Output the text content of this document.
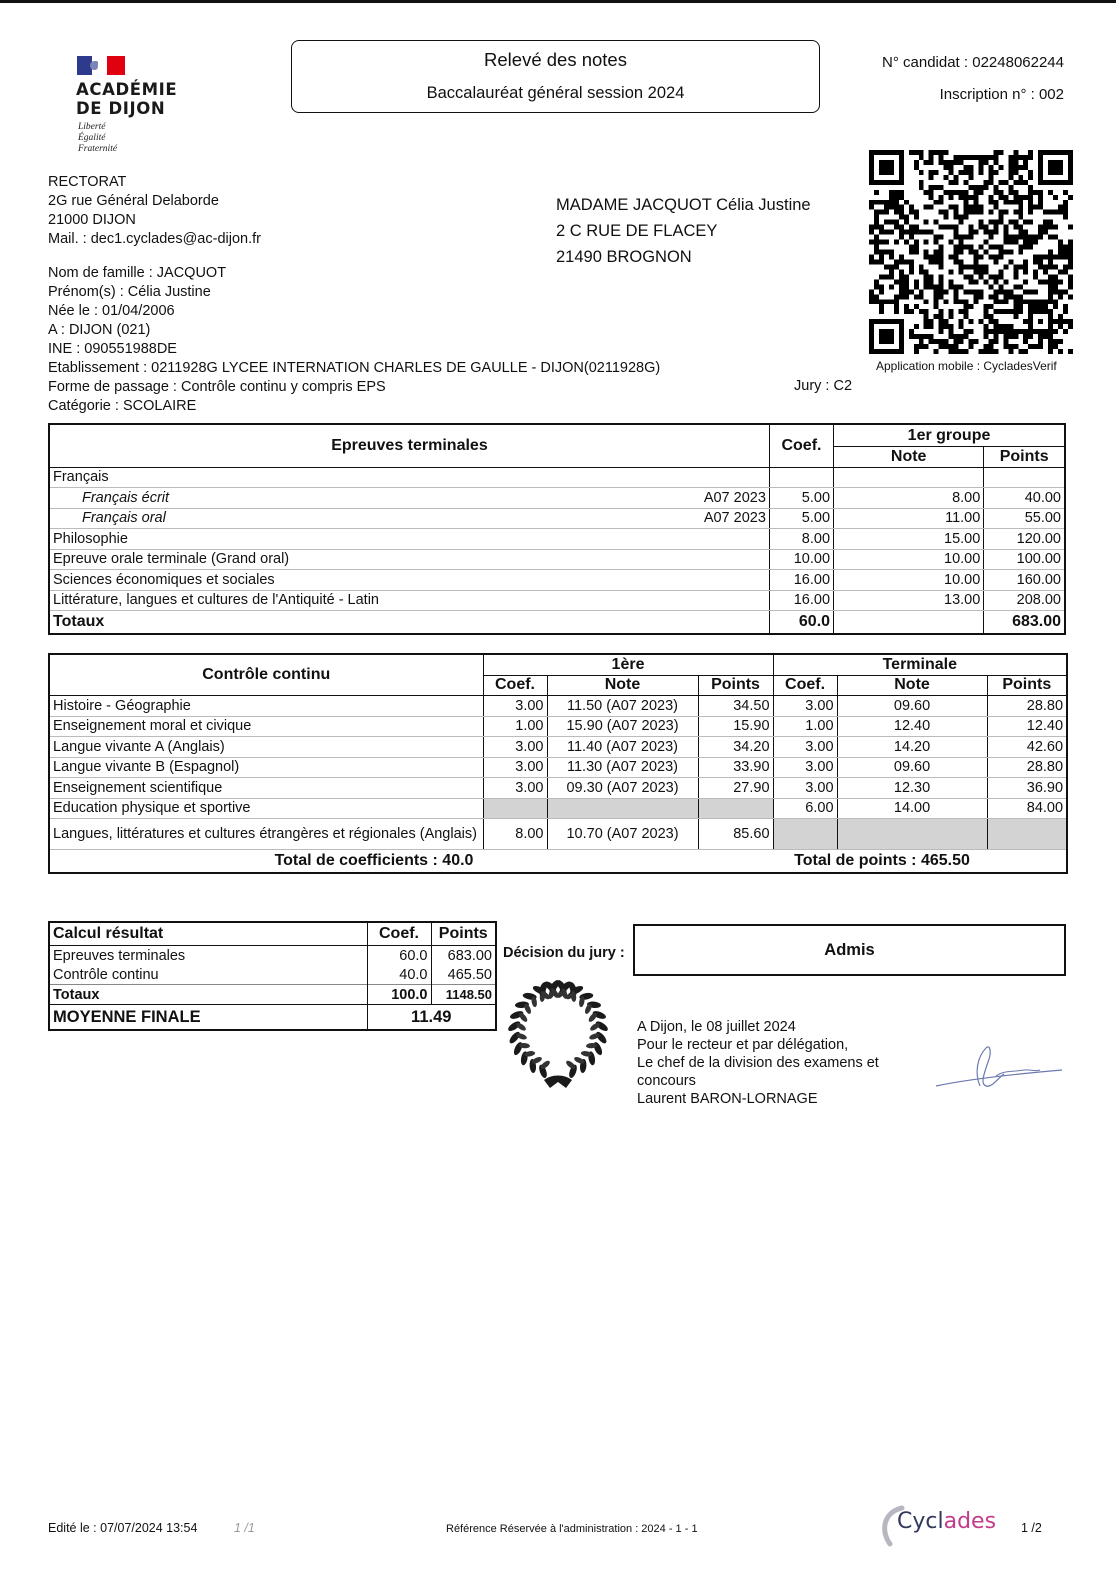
ACADÉMIE
DE DIJON
Liberté
Égalité
Fraternité
Relevé des notes
Baccalauréat général session 2024
N° candidat : 02248062244
Inscription n° : 002
Application mobile : CycladesVerif
RECTORAT
2G rue Général Delaborde
21000 DIJON
Mail. : dec1.cyclades@ac-dijon.fr
MADAME JACQUOT Célia Justine
2 C RUE DE FLACEY
21490 BROGNON
Nom de famille : JACQUOT
Prénom(s) : Célia Justine
Née le : 01/04/2006
A : DIJON (021)
INE : 090551988DE
Etablissement : 0211928G LYCEE INTERNATION CHARLES DE GAULLE - DIJON(0211928G)
Forme de passage : Contrôle continu y compris EPS
Catégorie : SCOLAIRE
Jury : C2
Epreuves terminales	Coef.	1er groupe	
		Note	Points

Français			

Français écrit A07 2023	5.00	8.00	40.00

Français oral A07 2023	5.00	11.00	55.00

Philosophie	8.00	15.00	120.00

Epreuve orale terminale (Grand oral)	10.00	10.00	100.00

Sciences économiques et sociales	16.00	10.00	160.00

Littérature, langues et cultures de l'Antiquité - Latin	16.00	13.00	208.00
Totaux	60.0		683.00
Contrôle continu	1ère			Terminale		
	Coef.	Note	Points	Coef.	Note	Points
Histoire - Géographie	3.00	11.50 (A07 2023)	34.50	3.00	09.60	28.80
Enseignement moral et civique	1.00	15.90 (A07 2023)	15.90	1.00	12.40	12.40
Langue vivante A (Anglais)	3.00	11.40 (A07 2023)	34.20	3.00	14.20	42.60
Langue vivante B (Espagnol)	3.00	11.30 (A07 2023)	33.90	3.00	09.60	28.80
Enseignement scientifique	3.00	09.30 (A07 2023)	27.90	3.00	12.30	36.90
Education physique et sportive				6.00	14.00	84.00
Langues, littératures et cultures étrangères et régionales (Anglais)	8.00	10.70 (A07 2023)	85.60			
Total de coefficients : 40.0			Total de points : 465.50			
Calcul résultat	Coef.	Points
Epreuves terminales	60.0	683.00
Contrôle continu	40.0	465.50
Totaux	100.0	1148.50
MOYENNE FINALE	11.49	
Décision du jury :	Admis
A Dijon, le 08 juillet 2024
Pour le recteur et par délégation,
Le chef de la division des examens et concours
Laurent BARON-LORNAGE
Edité le : 07/07/2024 13:54	1 /1	Référence Réservée à l'administration : 2024 - 1 - 1	Cyclades 1 /2
